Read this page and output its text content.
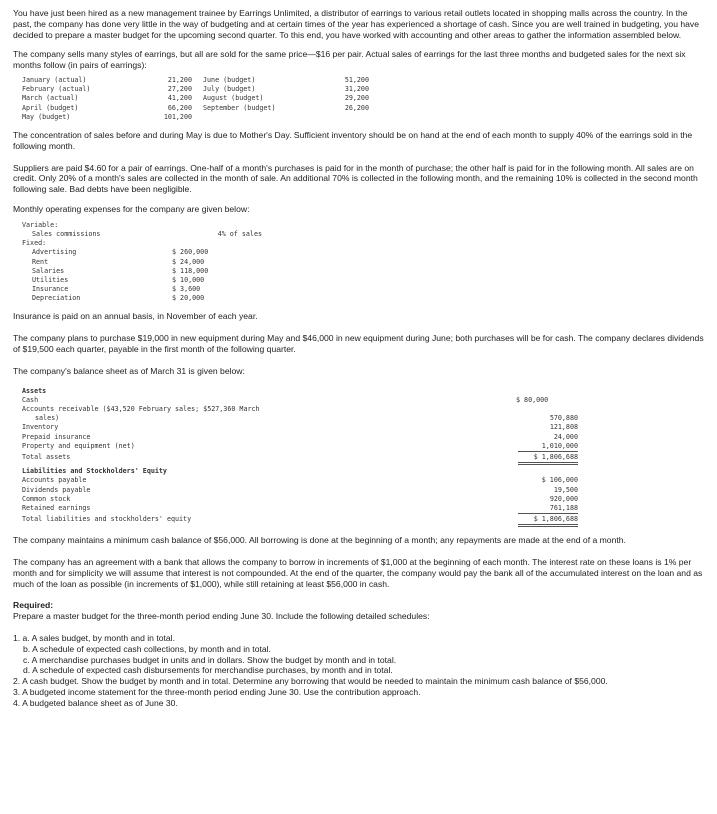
You have just been hired as a new management trainee by Earrings Unlimited, a distributor of earrings to various retail outlets located in shopping malls across the country. In the past, the company has done very little in the way of budgeting and at certain times of the year has experienced a shortage of cash. Since you are well trained in budgeting, you have decided to prepare a master budget for the upcoming second quarter. To this end, you have worked with accounting and other areas to gather the information assembled below.

The company sells many styles of earrings, but all are sold for the same price—$16 per pair. Actual sales of earrings for the last three months and budgeted sales for the next six months follow (in pairs of earrings):

January (actual)	21,200
February (actual)	27,200
March (actual)	41,200
April (budget)	66,200
May (budget)	101,200
June (budget)	51,200
July (budget)	31,200
August (budget)	29,200
September (budget)	26,200

The concentration of sales before and during May is due to Mother's Day. Sufficient inventory should be on hand at the end of each month to supply 40% of the earrings sold in the following month.

Suppliers are paid $4.60 for a pair of earrings. One-half of a month's purchases is paid for in the month of purchase; the other half is paid for in the following month. All sales are on credit. Only 20% of a month's sales are collected in the month of sale. An additional 70% is collected in the following month, and the remaining 10% is collected in the second month following sale. Bad debts have been negligible.

Monthly operating expenses for the company are given below:

Variable:
Sales commissions	4% of sales
Fixed:
Advertising	$ 260,000
Rent	$ 24,000
Salaries	$ 118,000
Utilities	$ 10,000
Insurance	$ 3,600
Depreciation	$ 20,000

Insurance is paid on an annual basis, in November of each year.

The company plans to purchase $19,000 in new equipment during May and $46,000 in new equipment during June; both purchases will be for cash. The company declares dividends of $19,500 each quarter, payable in the first month of the following quarter.

The company's balance sheet as of March 31 is given below:

Assets
Cash	$ 80,000
Accounts receivable ($43,520 February sales; $527,360 March
sales)	570,880
Inventory	121,808
Prepaid insurance	24,000
Property and equipment (net)	1,010,000
Total assets	$ 1,806,688
Liabilities and Stockholders' Equity
Accounts payable	$ 106,000
Dividends payable	19,500
Common stock	920,000
Retained earnings	761,188
Total liabilities and stockholders' equity	$ 1,806,688

The company maintains a minimum cash balance of $56,000. All borrowing is done at the beginning of a month; any repayments are made at the end of a month.

The company has an agreement with a bank that allows the company to borrow in increments of $1,000 at the beginning of each month. The interest rate on these loans is 1% per month and for simplicity we will assume that interest is not compounded. At the end of the quarter, the company would pay the bank all of the accumulated interest on the loan and as much of the loan as possible (in increments of $1,000), while still retaining at least $56,000 in cash.

Required:

Prepare a master budget for the three-month period ending June 30. Include the following detailed schedules:

1. a. A sales budget, by month and in total.

b. A schedule of expected cash collections, by month and in total.

c. A merchandise purchases budget in units and in dollars. Show the budget by month and in total.

d. A schedule of expected cash disbursements for merchandise purchases, by month and in total.

2. A cash budget. Show the budget by month and in total. Determine any borrowing that would be needed to maintain the minimum cash balance of $56,000.

3. A budgeted income statement for the three-month period ending June 30. Use the contribution approach.

4. A budgeted balance sheet as of June 30.
